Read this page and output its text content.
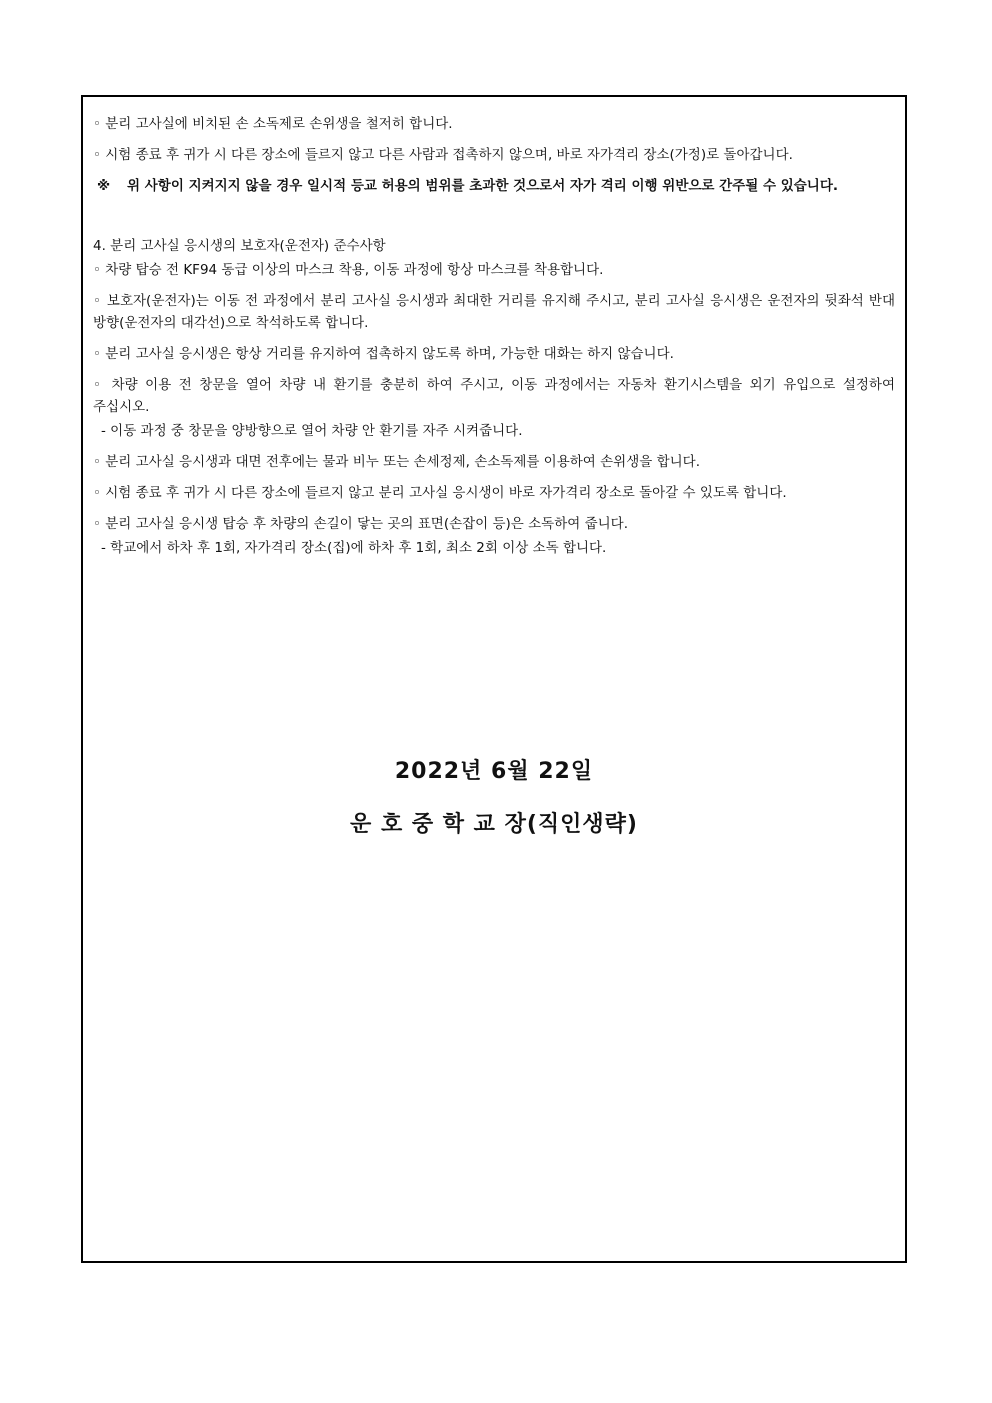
◦ 분리 고사실에 비치된 손 소독제로 손위생을 철저히 합니다.

◦ 시험 종료 후 귀가 시 다른 장소에 들르지 않고 다른 사람과 접촉하지 않으며, 바로 자가격리 장소(가정)로 돌아갑니다.

※ 위 사항이 지켜지지 않을 경우 일시적 등교 허용의 범위를 초과한 것으로서 자가 격리 이행 위반으로 간주될 수 있습니다.

4. 분리 고사실 응시생의 보호자(운전자) 준수사항

◦ 차량 탑승 전 KF94 동급 이상의 마스크 착용, 이동 과정에 항상 마스크를 착용합니다.

◦ 보호자(운전자)는 이동 전 과정에서 분리 고사실 응시생과 최대한 거리를 유지해 주시고, 분리 고사실 응시생은 운전자의 뒷좌석 반대 방향(운전자의 대각선)으로 착석하도록 합니다.

◦ 분리 고사실 응시생은 항상 거리를 유지하여 접촉하지 않도록 하며, 가능한 대화는 하지 않습니다.

◦ 차량 이용 전 창문을 열어 차량 내 환기를 충분히 하여 주시고, 이동 과정에서는 자동차 환기시스템을 외기 유입으로 설정하여 주십시오.

- 이동 과정 중 창문을 양방향으로 열어 차량 안 환기를 자주 시켜줍니다.

◦ 분리 고사실 응시생과 대면 전후에는 물과 비누 또는 손세정제, 손소독제를 이용하여 손위생을 합니다.

◦ 시험 종료 후 귀가 시 다른 장소에 들르지 않고 분리 고사실 응시생이 바로 자가격리 장소로 돌아갈 수 있도록 합니다.

◦ 분리 고사실 응시생 탑승 후 차량의 손길이 닿는 곳의 표면(손잡이 등)은 소독하여 줍니다.

- 학교에서 하차 후 1회, 자가격리 장소(집)에 하차 후 1회, 최소 2회 이상 소독 합니다.

2022년 6월 22일
운 호 중 학 교 장(직인생략)
